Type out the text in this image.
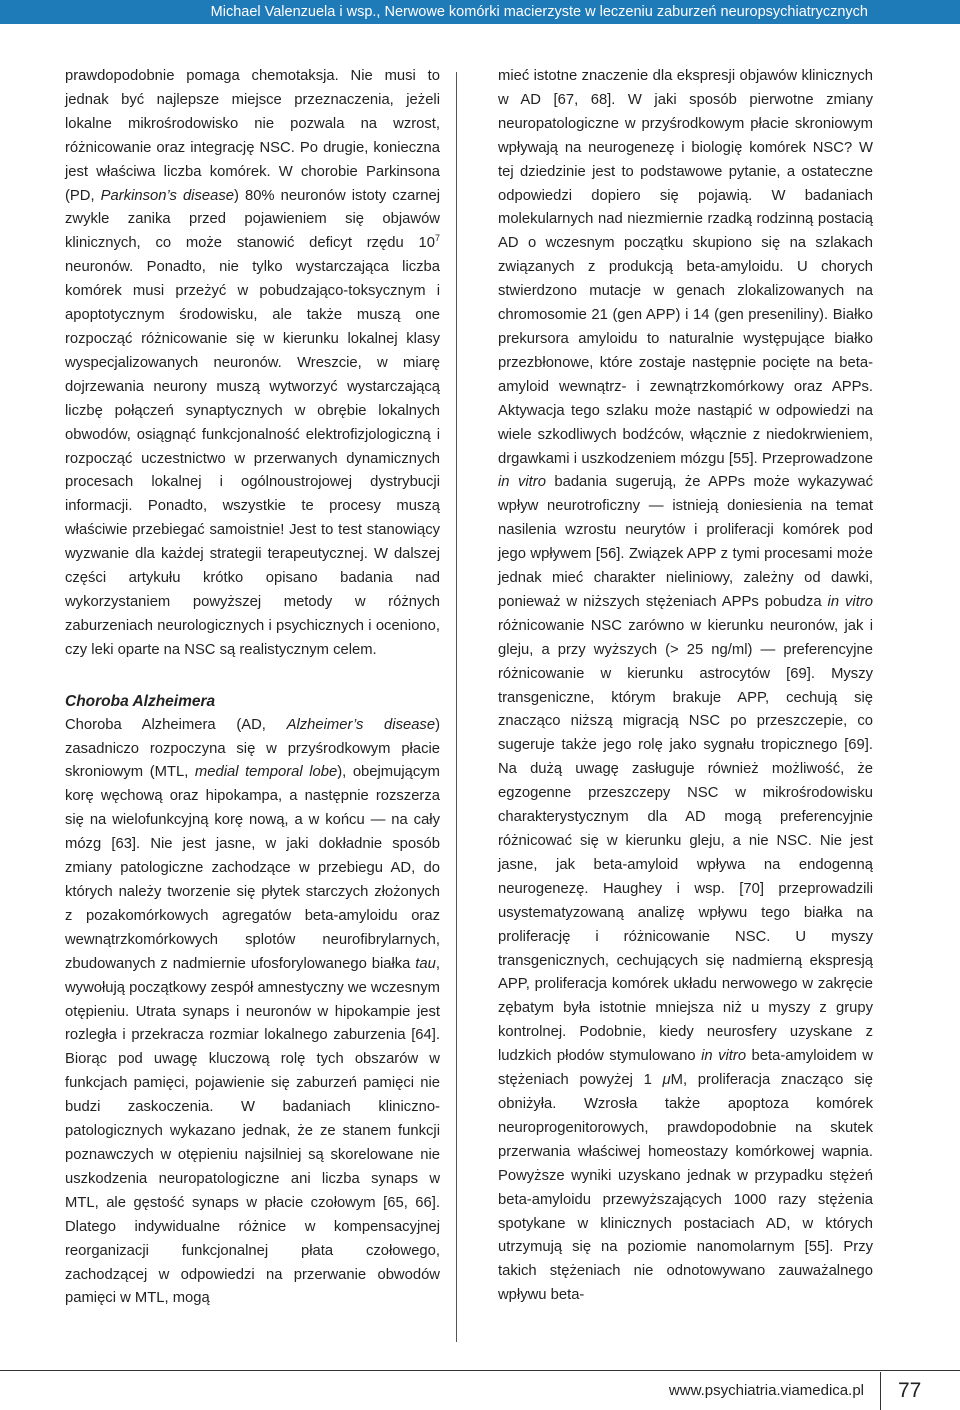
Michael Valenzuela i wsp., Nerwowe komórki macierzyste w leczeniu zaburzeń neuropsychiatrycznych

prawdopodobnie pomaga chemotaksja. Nie musi to jednak być najlepsze miejsce przeznaczenia, jeżeli lokalne mikrośrodowisko nie pozwala na wzrost, różnicowanie oraz integrację NSC. Po drugie, konieczna jest właściwa liczba komórek. W chorobie Parkinsona (PD, Parkinson’s disease) 80% neuronów istoty czarnej zwykle zanika przed pojawieniem się objawów klinicznych, co może stanowić deficyt rzędu $10^7$ neuronów. Ponadto, nie tylko wystarczająca liczba komórek musi przeżyć w pobudzająco-toksycznym i apoptotycznym środowisku, ale także muszą one rozpocząć różnicowanie się w kierunku lokalnej klasy wyspecjalizowanych neuronów. Wreszcie, w miarę dojrzewania neurony muszą wytworzyć wystarczającą liczbę połączeń synaptycznych w obrębie lokalnych obwodów, osiągnąć funkcjonalność elektrofizjologiczną i rozpocząć uczestnictwo w przerwanych dynamicznych procesach lokalnej i ogólnoustrojowej dystrybucji informacji. Ponadto, wszystkie te procesy muszą właściwie przebiegać samoistnie! Jest to test stanowiący wyzwanie dla każdej strategii terapeutycznej. W dalszej części artykułu krótko opisano badania nad wykorzystaniem powyższej metody w różnych zaburzeniach neurologicznych i psychicznych i oceniono, czy leki oparte na NSC są realistycznym celem.

Choroba Alzheimera

Choroba Alzheimera (AD, Alzheimer’s disease) zasadniczo rozpoczyna się w przyśrodkowym płacie skroniowym (MTL, medial temporal lobe), obejmującym korę węchową oraz hipokampa, a następnie rozszerza się na wielofunkcyjną korę nową, a w końcu — na cały mózg [63]. Nie jest jasne, w jaki dokładnie sposób zmiany patologiczne zachodzące w przebiegu AD, do których należy tworzenie się płytek starczych złożonych z pozakomórkowych agregatów beta-amyloidu oraz wewnątrzkomórkowych splotów neurofibrylarnych, zbudowanych z nadmiernie ufosforylowanego białka tau, wywołują początkowy zespół amnestyczny we wczesnym otępieniu. Utrata synaps i neuronów w hipokampie jest rozległa i przekracza rozmiar lokalnego zaburzenia [64]. Biorąc pod uwagę kluczową rolę tych obszarów w funkcjach pamięci, pojawienie się zaburzeń pamięci nie budzi zaskoczenia. W badaniach kliniczno-patologicznych wykazano jednak, że ze stanem funkcji poznawczych w otępieniu najsilniej są skorelowane nie uszkodzenia neuropatologiczne ani liczba synaps w MTL, ale gęstość synaps w płacie czołowym [65, 66]. Dlatego indywidualne różnice w kompensacyjnej reorganizacji funkcjonalnej płata czołowego, zachodzącej w odpowiedzi na przerwanie obwodów pamięci w MTL, mogą

mieć istotne znaczenie dla ekspresji objawów klinicznych w AD [67, 68]. W jaki sposób pierwotne zmiany neuropatologiczne w przyśrodkowym płacie skroniowym wpływają na neurogenezę i biologię komórek NSC? W tej dziedzinie jest to podstawowe pytanie, a ostateczne odpowiedzi dopiero się pojawią. W badaniach molekularnych nad niezmiernie rzadką rodzinną postacią AD o wczesnym początku skupiono się na szlakach związanych z produkcją beta-amyloidu. U chorych stwierdzono mutacje w genach zlokalizowanych na chromosomie 21 (gen APP) i 14 (gen preseniliny). Białko prekursora amyloidu to naturalnie występujące białko przezbłonowe, które zostaje następnie pocięte na beta-amyloid wewnątrz- i zewnątrzkomórkowy oraz APPs. Aktywacja tego szlaku może nastąpić w odpowiedzi na wiele szkodliwych bodźców, włącznie z niedokrwieniem, drgawkami i uszkodzeniem mózgu [55]. Przeprowadzone in vitro badania sugerują, że APPs może wykazywać wpływ neurotroficzny — istnieją doniesienia na temat nasilenia wzrostu neurytów i proliferacji komórek pod jego wpływem [56]. Związek APP z tymi procesami może jednak mieć charakter nieliniowy, zależny od dawki, ponieważ w niższych stężeniach APPs pobudza in vitro różnicowanie NSC zarówno w kierunku neuronów, jak i gleju, a przy wyższych (> 25 ng/ml) — preferencyjne różnicowanie w kierunku astrocytów [69]. Myszy transgeniczne, którym brakuje APP, cechują się znacząco niższą migracją NSC po przeszczepie, co sugeruje także jego rolę jako sygnału tropicznego [69]. Na dużą uwagę zasługuje również możliwość, że egzogenne przeszczepy NSC w mikrośrodowisku charakterystycznym dla AD mogą preferencyjnie różnicować się w kierunku gleju, a nie NSC. Nie jest jasne, jak beta-amyloid wpływa na endogenną neurogenezę. Haughey i wsp. [70] przeprowadzili usystematyzowaną analizę wpływu tego białka na proliferację i różnicowanie NSC. U myszy transgenicznych, cechujących się nadmierną ekspresją APP, proliferacja komórek układu nerwowego w zakręcie zębatym była istotnie mniejsza niż u myszy z grupy kontrolnej. Podobnie, kiedy neurosfery uzyskane z ludzkich płodów stymulowano in vitro beta-amyloidem w stężeniach powyżej 1 μM, proliferacja znacząco się obniżyła. Wzrosła także apoptoza komórek neuroprogenitorowych, prawdopodobnie na skutek przerwania właściwej homeostazy komórkowej wapnia. Powyższe wyniki uzyskano jednak w przypadku stężeń beta-amyloidu przewyższających 1000 razy stężenia spotykane w klinicznych postaciach AD, w których utrzymują się na poziomie nanomolarnym [55]. Przy takich stężeniach nie odnotowywano zauważalnego wpływu beta-

www.psychiatria.viamedica.pl 77
